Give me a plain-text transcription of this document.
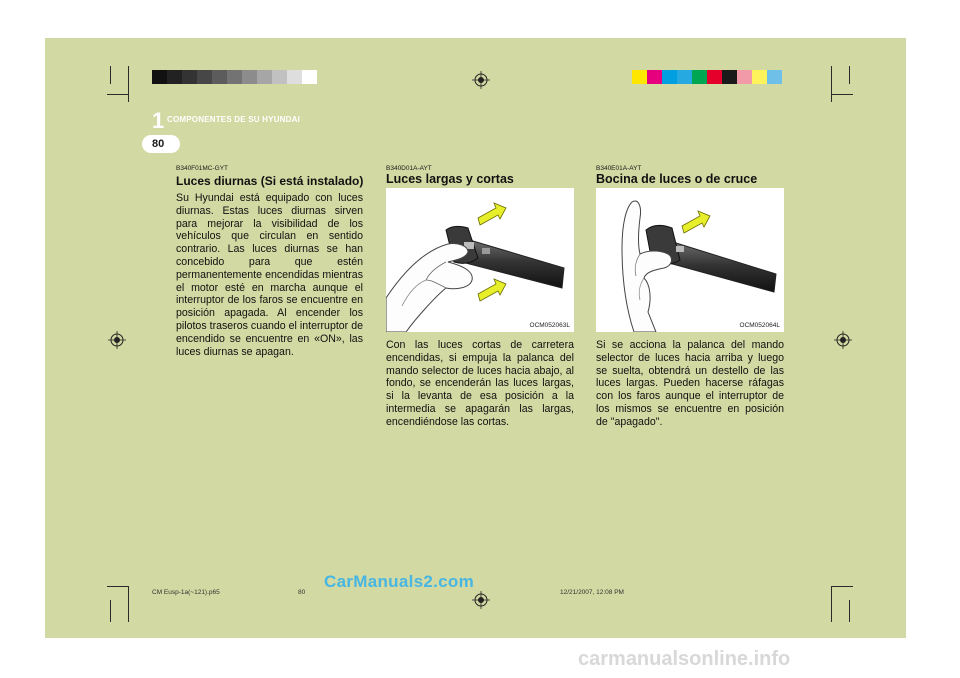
1 COMPONENTES DE SU HYUNDAI
80
B340F01MC-GYT
Luces diurnas (Si está instalado)
Su Hyundai está equipado con luces diurnas. Estas luces diurnas sirven para mejorar la visibilidad de los vehículos que circulan en sentido contrario. Las luces diurnas se han concebido para que estén permanentemente encendidas mientras el motor esté en marcha aunque el interruptor de los faros se encuentre en posición apagada. Al encender los pilotos traseros cuando el interruptor de encendido se encuentre en «ON», las luces diurnas se apagan.
B340D01A-AYT
Luces largas y cortas
OCM052063L
Con las luces cortas de carretera encendidas, si empuja la palanca del mando selector de luces hacia abajo, al fondo, se encenderán las luces largas, si la levanta de esa posición a la intermedia se apagarán las largas, encendiéndose las cortas.
B340E01A-AYT
Bocina de luces o de cruce
OCM052064L
Si se acciona la palanca del mando selector de luces hacia arriba y luego se suelta, obtendrá un destello de las luces largas. Pueden hacerse ráfagas con los faros aunque el interruptor de los mismos se encuentre en posición de "apagado".
CM Eusp-1a(~121).p65	80	12/21/2007, 12:08 PM
CarManuals2.com
carmanualsonline.info
